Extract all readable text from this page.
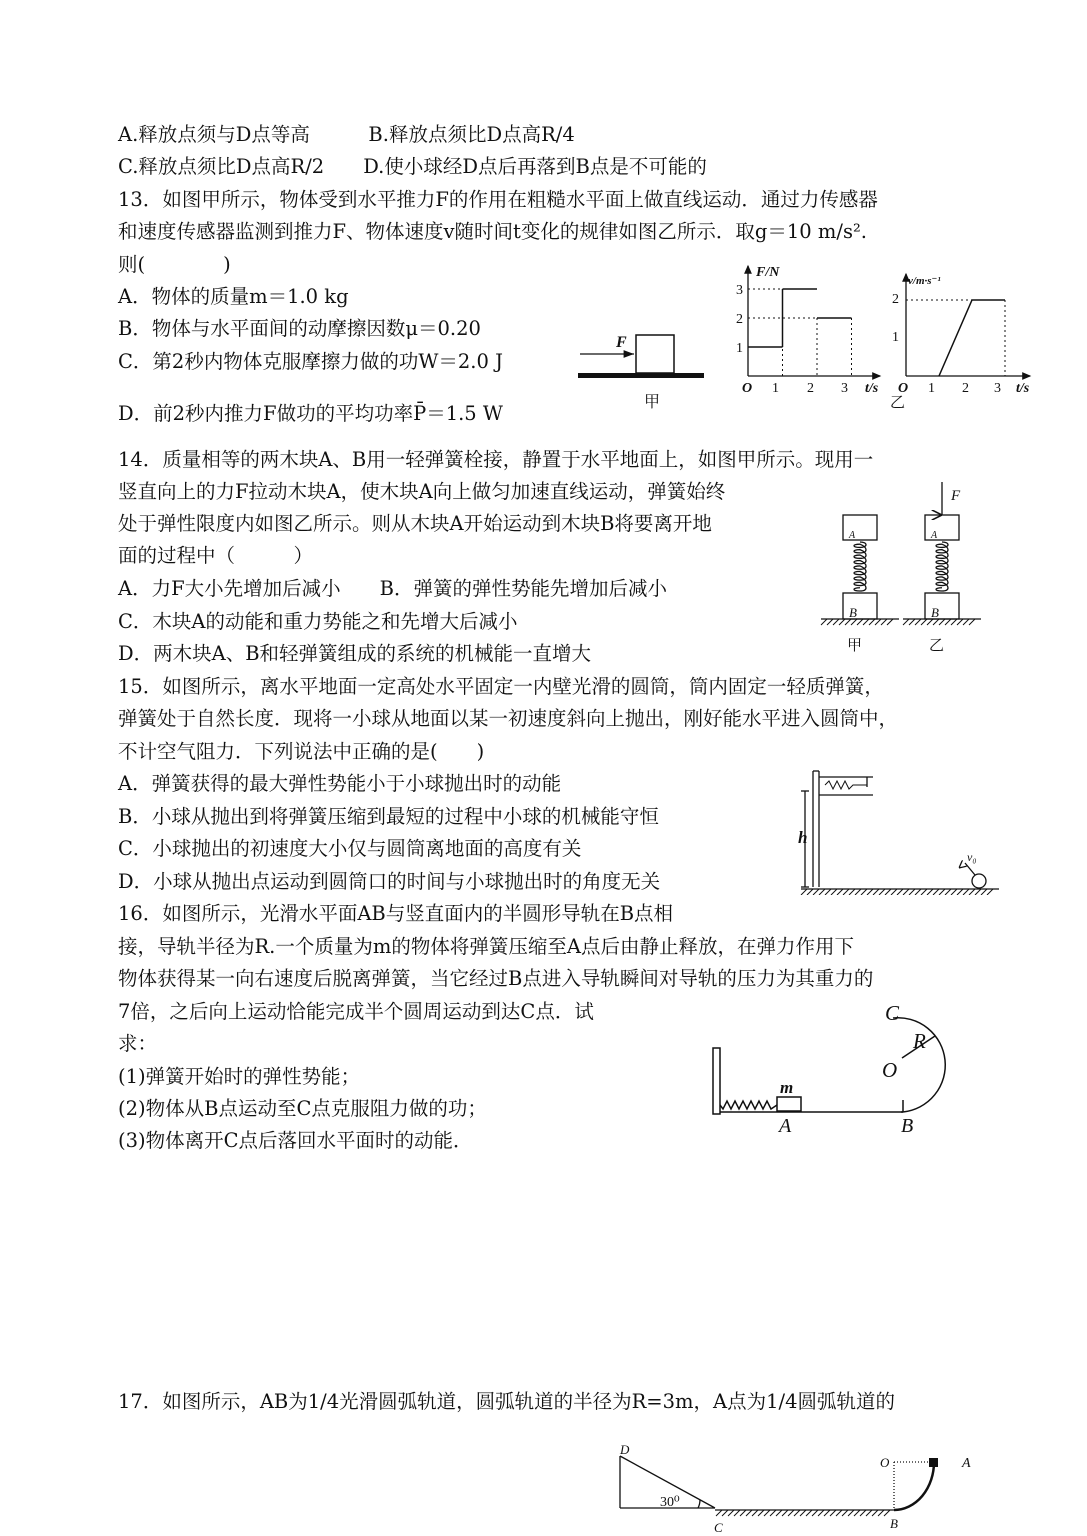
A.释放点须与D点等高　　　B.释放点须比D点高R/4
C.释放点须比D点高R/2　　D.使小球经D点后再落到B点是不可能的
13．如图甲所示，物体受到水平推力F的作用在粗糙水平面上做直线运动．通过力传感器
和速度传感器监测到推力F、物体速度v随时间t变化的规律如图乙所示．取g＝10 m/s².
则(　　　　)
A．物体的质量m＝1.0 kg
B．物体与水平面间的动摩擦因数μ＝0.20
C．第2秒内物体克服摩擦力做的功W＝2.0 J
D．前2秒内推力F做功的平均功率P̄＝1.5 W
14．质量相等的两木块A、B用一轻弹簧栓接，静置于水平地面上，如图甲所示。现用一
竖直向上的力F拉动木块A，使木块A向上做匀加速直线运动，弹簧始终
处于弹性限度内如图乙所示。则从木块A开始运动到木块B将要离开地
面的过程中（　　　）
A．力F大小先增加后减小　　B．弹簧的弹性势能先增加后减小
C．木块A的动能和重力势能之和先增大后减小
D．两木块A、B和轻弹簧组成的系统的机械能一直增大
15．如图所示，离水平地面一定高处水平固定一内壁光滑的圆筒，筒内固定一轻质弹簧，
弹簧处于自然长度．现将一小球从地面以某一初速度斜向上抛出，刚好能水平进入圆筒中，
不计空气阻力．下列说法中正确的是(　　)
A．弹簧获得的最大弹性势能小于小球抛出时的动能
B．小球从抛出到将弹簧压缩到最短的过程中小球的机械能守恒
C．小球抛出的初速度大小仅与圆筒离地面的高度有关
D．小球从抛出点运动到圆筒口的时间与小球抛出时的角度无关
16．如图所示，光滑水平面AB与竖直面内的半圆形导轨在B点相
接，导轨半径为R.一个质量为m的物体将弹簧压缩至A点后由静止释放，在弹力作用下
物体获得某一向右速度后脱离弹簧，当它经过B点进入导轨瞬间对导轨的压力为其重力的
7倍，之后向上运动恰能完成半个圆周运动到达C点．试
求：
(1)弹簧开始时的弹性势能；
(2)物体从B点运动至C点克服阻力做的功；
(3)物体离开C点后落回水平面时的动能．
17．如图所示，AB为1/4光滑圆弧轨道，圆弧轨道的半径为R=3m，A点为1/4圆弧轨道的
F
甲
F/N
t/s
O
3
2
1
1 2 3
v/m·s⁻¹
t/s
O
2
1
1 2 3
乙
F
A
B
A
B
甲	乙
h
v₀
C
R
O
m
A	B
D
30⁰
C
O	A
B
